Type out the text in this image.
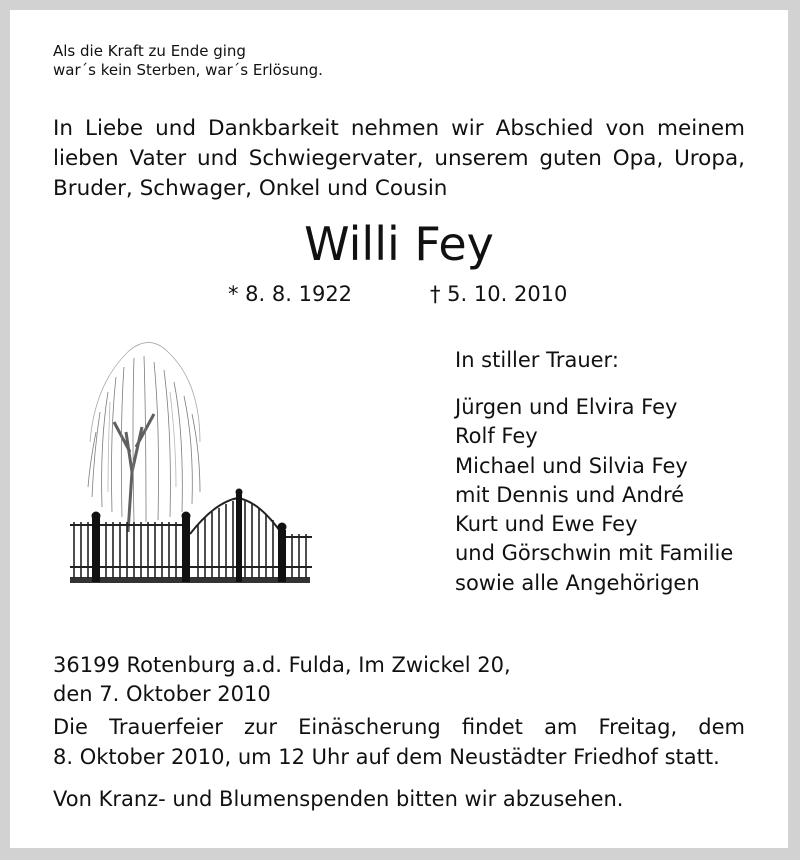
Als die Kraft zu Ende ging
war´s kein Sterben, war´s Erlösung.
In Liebe und Dankbarkeit nehmen wir Abschied von meinem
lieben Vater und Schwiegervater, unserem guten Opa, Uropa,
Bruder, Schwager, Onkel und Cousin
Willi Fey
* 8. 8. 1922	† 5. 10. 2010
In stiller Trauer:
Jürgen und Elvira Fey
Rolf Fey
Michael und Silvia Fey
mit Dennis und André
Kurt und Ewe Fey
und Görschwin mit Familie
sowie alle Angehörigen
36199 Rotenburg a.d. Fulda, Im Zwickel 20,
den 7. Oktober 2010
Die Trauerfeier zur Einäscherung findet am Freitag, dem
8. Oktober 2010, um 12 Uhr auf dem Neustädter Friedhof statt.
Von Kranz- und Blumenspenden bitten wir abzusehen.
